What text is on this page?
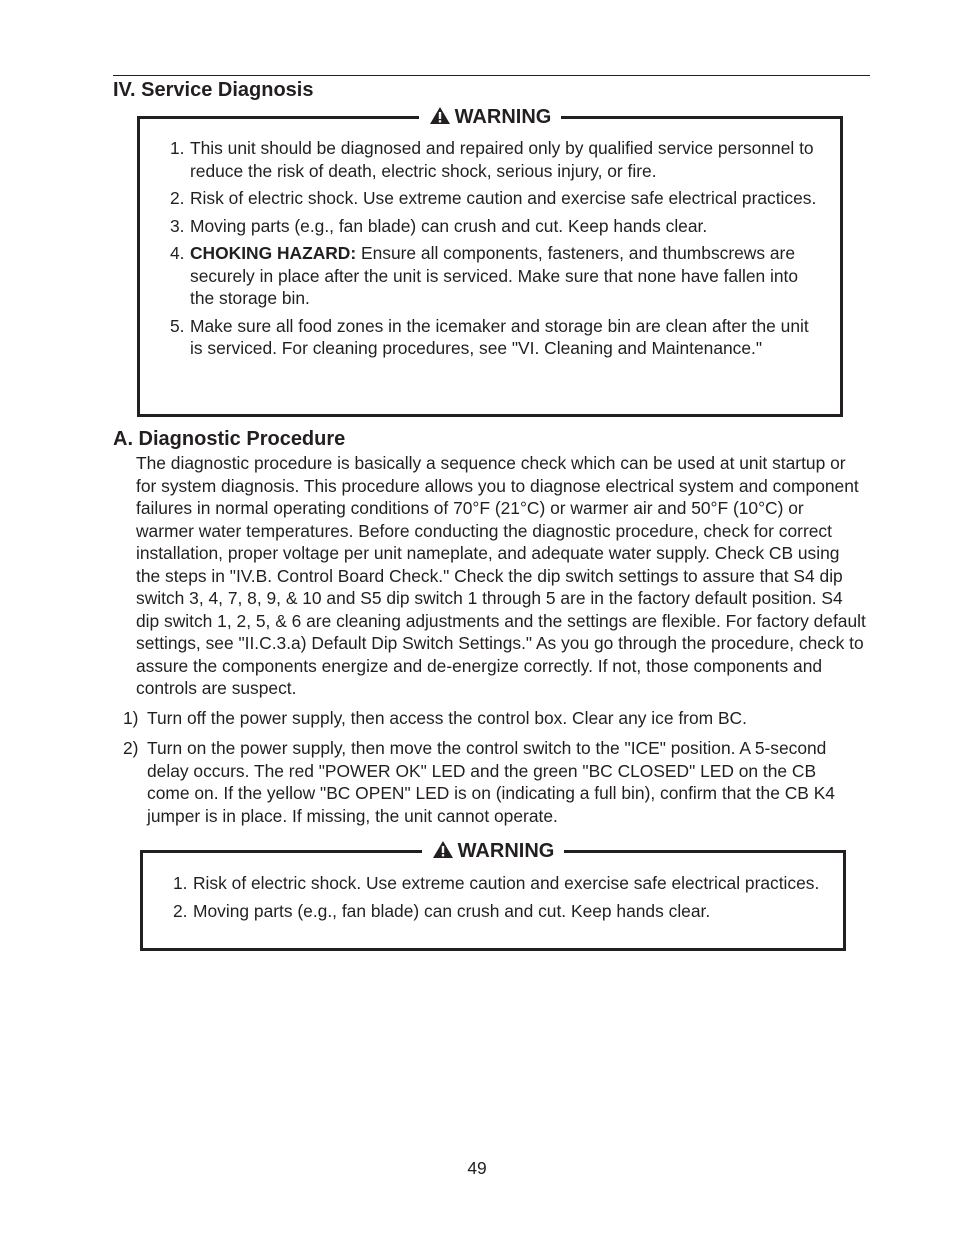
IV. Service Diagnosis
WARNING
1. This unit should be diagnosed and repaired only by qualified service personnel to reduce the risk of death, electric shock, serious injury, or fire.
2. Risk of electric shock. Use extreme caution and exercise safe electrical practices.
3. Moving parts (e.g., fan blade) can crush and cut. Keep hands clear.
4. CHOKING HAZARD: Ensure all components, fasteners, and thumbscrews are securely in place after the unit is serviced. Make sure that none have fallen into the storage bin.
5. Make sure all food zones in the icemaker and storage bin are clean after the unit is serviced. For cleaning procedures, see "VI. Cleaning and Maintenance."
A. Diagnostic Procedure

The diagnostic procedure is basically a sequence check which can be used at unit startup or for system diagnosis. This procedure allows you to diagnose electrical system and component failures in normal operating conditions of 70°F (21°C) or warmer air and 50°F (10°C) or warmer water temperatures. Before conducting the diagnostic procedure, check for correct installation, proper voltage per unit nameplate, and adequate water supply. Check CB using the steps in "IV.B. Control Board Check." Check the dip switch settings to assure that S4 dip switch 3, 4, 7, 8, 9, & 10 and S5 dip switch 1 through 5 are in the factory default position. S4 dip switch 1, 2, 5, & 6 are cleaning adjustments and the settings are flexible. For factory default settings, see "II.C.3.a) Default Dip Switch Settings." As you go through the procedure, check to assure the components energize and de-energize correctly. If not, those components and controls are suspect.

1) Turn off the power supply, then access the control box. Clear any ice from BC.

2) Turn on the power supply, then move the control switch to the "ICE" position. A 5-second delay occurs. The red "POWER OK" LED and the green "BC CLOSED" LED on the CB come on. If the yellow "BC OPEN" LED is on (indicating a full bin), confirm that the CB K4 jumper is in place. If missing, the unit cannot operate.

WARNING
1. Risk of electric shock. Use extreme caution and exercise safe electrical practices.
2. Moving parts (e.g., fan blade) can crush and cut. Keep hands clear.
49
